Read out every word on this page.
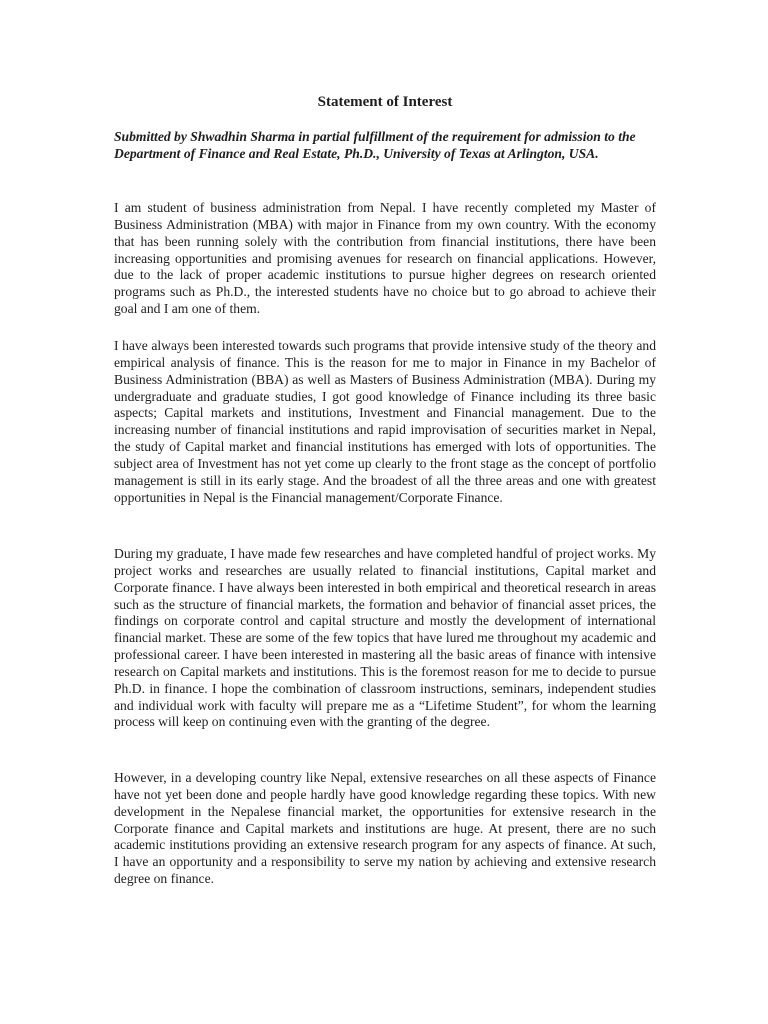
Statement of Interest

Submitted by Shwadhin Sharma in partial fulfillment of the requirement for admission to the Department of Finance and Real Estate, Ph.D., University of Texas at Arlington, USA.

I am student of business administration from Nepal. I have recently completed my Master of Business Administration (MBA) with major in Finance from my own country. With the economy that has been running solely with the contribution from financial institutions, there have been increasing opportunities and promising avenues for research on financial applications. However, due to the lack of proper academic institutions to pursue higher degrees on research oriented programs such as Ph.D., the interested students have no choice but to go abroad to achieve their goal and I am one of them.

I have always been interested towards such programs that provide intensive study of the theory and empirical analysis of finance. This is the reason for me to major in Finance in my Bachelor of Business Administration (BBA) as well as Masters of Business Administration (MBA). During my undergraduate and graduate studies, I got good knowledge of Finance including its three basic aspects; Capital markets and institutions, Investment and Financial management. Due to the increasing number of financial institutions and rapid improvisation of securities market in Nepal, the study of Capital market and financial institutions has emerged with lots of opportunities. The subject area of Investment has not yet come up clearly to the front stage as the concept of portfolio management is still in its early stage. And the broadest of all the three areas and one with greatest opportunities in Nepal is the Financial management/Corporate Finance.

During my graduate, I have made few researches and have completed handful of project works. My project works and researches are usually related to financial institutions, Capital market and Corporate finance. I have always been interested in both empirical and theoretical research in areas such as the structure of financial markets, the formation and behavior of financial asset prices, the findings on corporate control and capital structure and mostly the development of international financial market. These are some of the few topics that have lured me throughout my academic and professional career. I have been interested in mastering all the basic areas of finance with intensive research on Capital markets and institutions. This is the foremost reason for me to decide to pursue Ph.D. in finance. I hope the combination of classroom instructions, seminars, independent studies and individual work with faculty will prepare me as a “Lifetime Student”, for whom the learning process will keep on continuing even with the granting of the degree.

However, in a developing country like Nepal, extensive researches on all these aspects of Finance have not yet been done and people hardly have good knowledge regarding these topics. With new development in the Nepalese financial market, the opportunities for extensive research in the Corporate finance and Capital markets and institutions are huge. At present, there are no such academic institutions providing an extensive research program for any aspects of finance. At such, I have an opportunity and a responsibility to serve my nation by achieving and extensive research degree on finance.
